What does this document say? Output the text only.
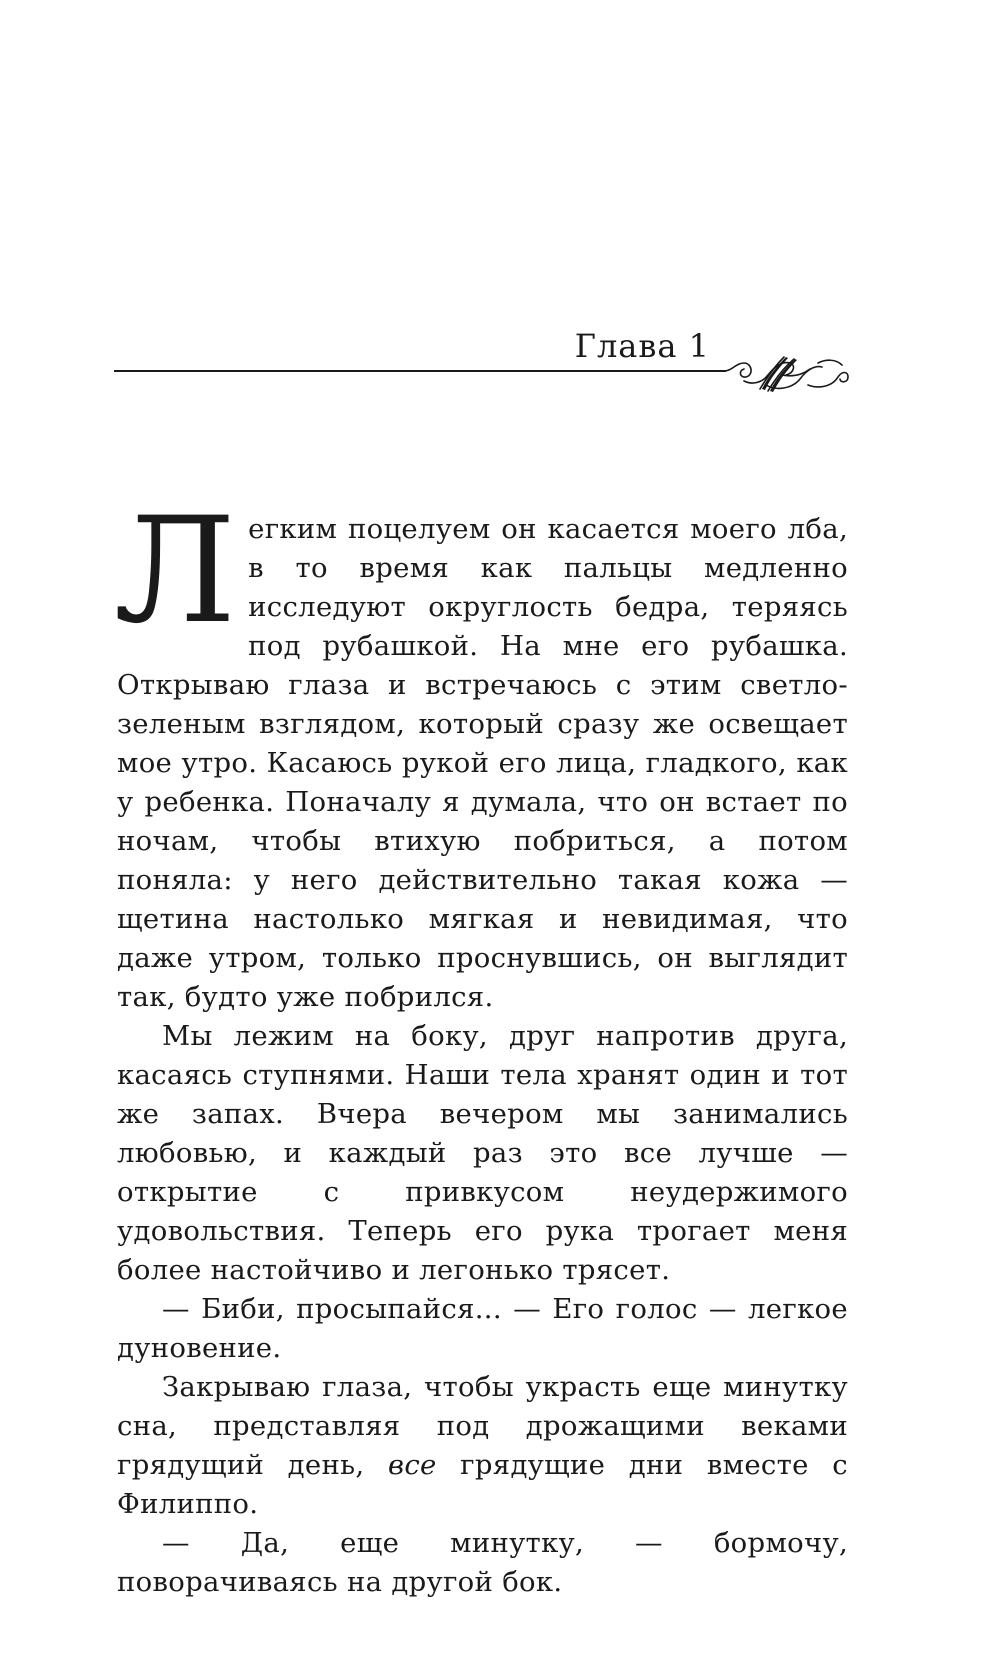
Глава 1

Легким поцелуем он касается моего лба, в то время как пальцы медленно исследуют округлость бедра, теряясь под рубашкой. На мне его рубашка. Открываю глаза и встречаюсь с этим светло-зеленым взглядом, который сразу же освещает мое утро. Касаюсь рукой его лица, гладкого, как у ребенка. Поначалу я думала, что он встает по ночам, чтобы втихую побриться, а потом поняла: у него действительно такая кожа — щетина настолько мягкая и невидимая, что даже утром, только проснувшись, он выглядит так, будто уже побрился.

Мы лежим на боку, друг напротив друга, касаясь ступнями. Наши тела хранят один и тот же запах. Вчера вечером мы занимались любовью, и каждый раз это все лучше — открытие с привкусом неудержимого удовольствия. Теперь его рука трогает меня более настойчиво и легонько трясет.

— Биби, просыпайся... — Его голос — легкое дуновение.

Закрываю глаза, чтобы украсть еще минутку сна, представляя под дрожащими веками грядущий день, все грядущие дни вместе с Филиппо.

— Да, еще минутку, — бормочу, поворачиваясь на другой бок.
